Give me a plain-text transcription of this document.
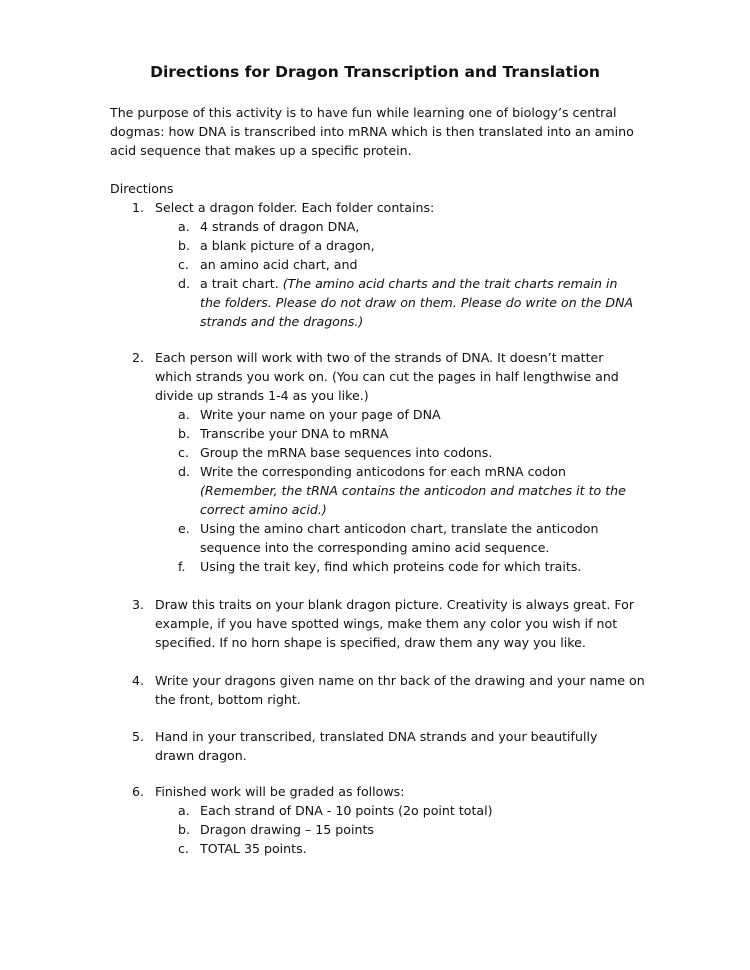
Directions for Dragon Transcription and Translation
The purpose of this activity is to have fun while learning one of biology’s central
dogmas: how DNA is transcribed into mRNA which is then translated into an amino
acid sequence that makes up a specific protein.
Directions
1. Select a dragon folder. Each folder contains:
a. 4 strands of dragon DNA,
b. a blank picture of a dragon,
c. an amino acid chart, and
d. a trait chart. (The amino acid charts and the trait charts remain in
the folders. Please do not draw on them. Please do write on the DNA
strands and the dragons.)
2. Each person will work with two of the strands of DNA. It doesn’t matter
which strands you work on. (You can cut the pages in half lengthwise and
divide up strands 1-4 as you like.)
a. Write your name on your page of DNA
b. Transcribe your DNA to mRNA
c. Group the mRNA base sequences into codons.
d. Write the corresponding anticodons for each mRNA codon
(Remember, the tRNA contains the anticodon and matches it to the
correct amino acid.)
e. Using the amino chart anticodon chart, translate the anticodon
sequence into the corresponding amino acid sequence.
f. Using the trait key, find which proteins code for which traits.
3. Draw this traits on your blank dragon picture. Creativity is always great. For
example, if you have spotted wings, make them any color you wish if not
specified. If no horn shape is specified, draw them any way you like.
4. Write your dragons given name on thr back of the drawing and your name on
the front, bottom right.
5. Hand in your transcribed, translated DNA strands and your beautifully
drawn dragon.
6. Finished work will be graded as follows:
a. Each strand of DNA - 10 points (2o point total)
b. Dragon drawing – 15 points
c. TOTAL 35 points.
